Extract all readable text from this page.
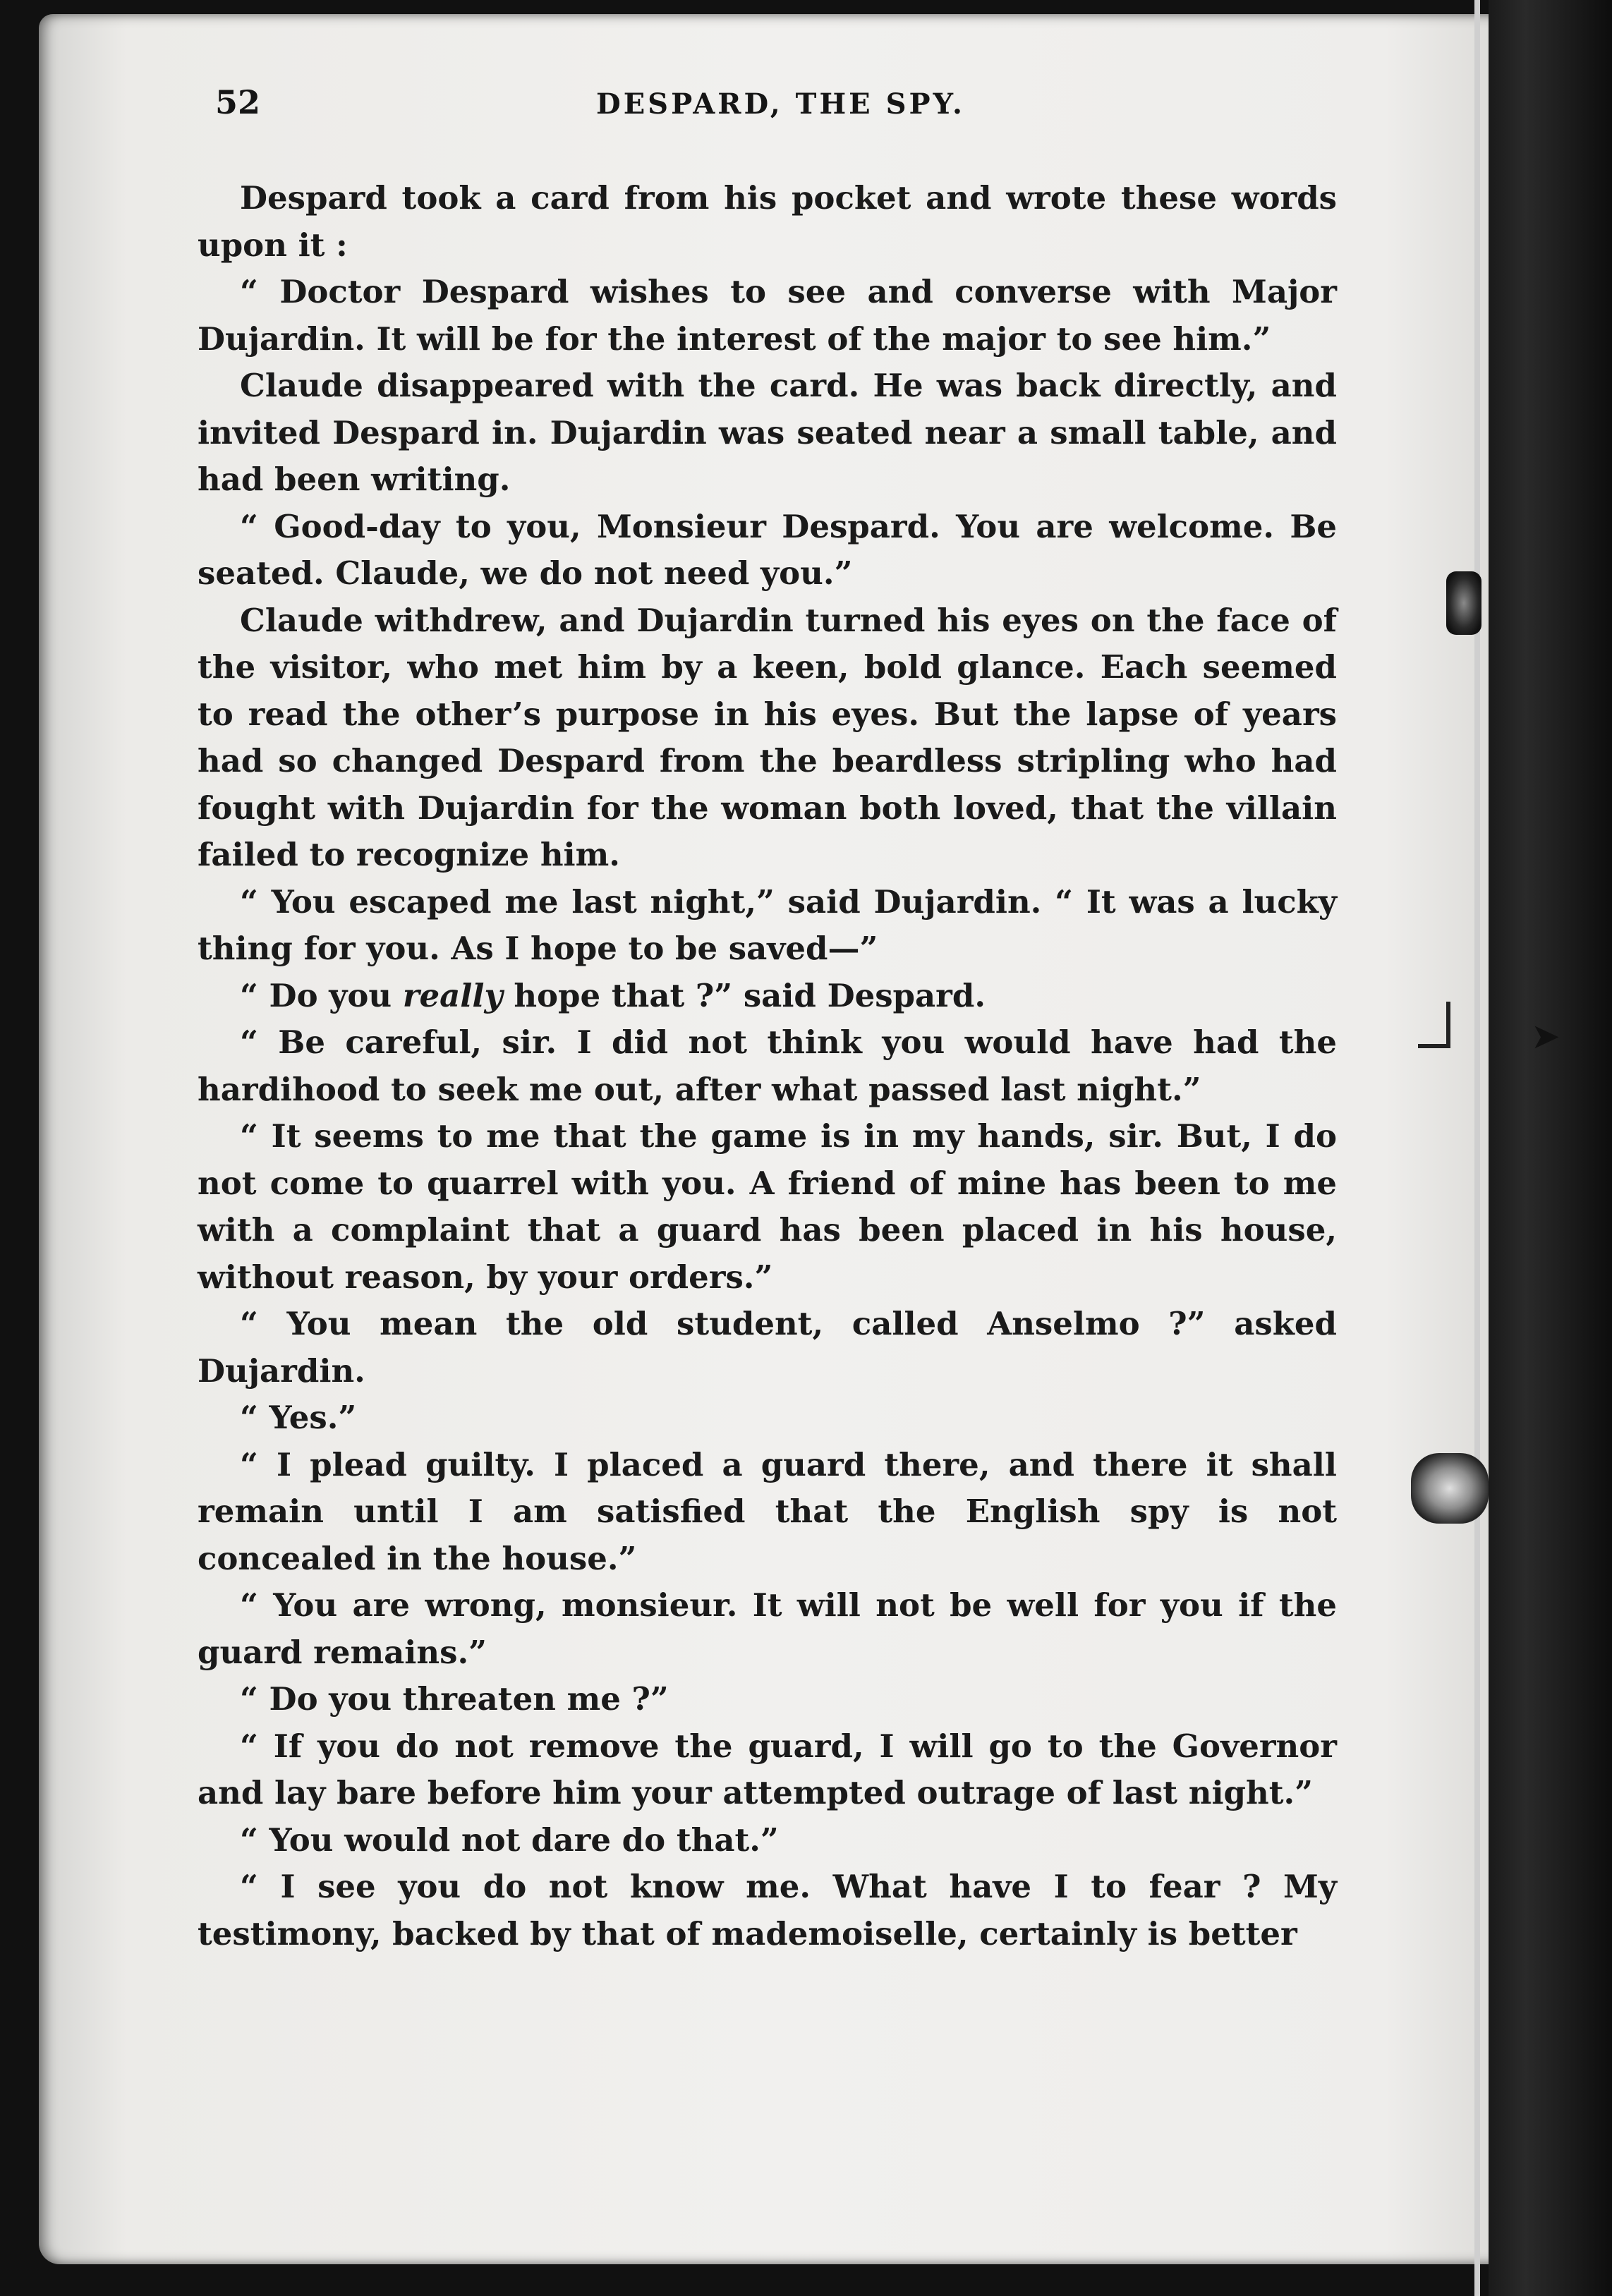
➤
52	DESPARD, THE SPY.

Despard took a card from his pocket and wrote these words upon it :

“ Doctor Despard wishes to see and converse with Major Dujardin. It will be for the interest of the major to see him.”

Claude disappeared with the card. He was back directly, and invited Despard in. Dujardin was seated near a small table, and had been writing.

“ Good-day to you, Monsieur Despard. You are welcome. Be seated. Claude, we do not need you.”

Claude withdrew, and Dujardin turned his eyes on the face of the visitor, who met him by a keen, bold glance. Each seemed to read the other’s purpose in his eyes. But the lapse of years had so changed Despard from the beardless stripling who had fought with Dujardin for the woman both loved, that the villain failed to recognize him.

“ You escaped me last night,” said Dujardin. “ It was a lucky thing for you. As I hope to be saved—”

“ Do you really hope that ?” said Despard.

“ Be careful, sir. I did not think you would have had the hardihood to seek me out, after what passed last night.”

“ It seems to me that the game is in my hands, sir. But, I do not come to quarrel with you. A friend of mine has been to me with a complaint that a guard has been placed in his house, without reason, by your orders.”

“ You mean the old student, called Anselmo ?” asked Dujardin.

“ Yes.”

“ I plead guilty. I placed a guard there, and there it shall remain until I am satisfied that the English spy is not concealed in the house.”

“ You are wrong, monsieur. It will not be well for you if the guard remains.”

“ Do you threaten me ?”

“ If you do not remove the guard, I will go to the Governor and lay bare before him your attempted outrage of last night.”

“ You would not dare do that.”

“ I see you do not know me. What have I to fear ? My testimony, backed by that of mademoiselle, certainly is better
